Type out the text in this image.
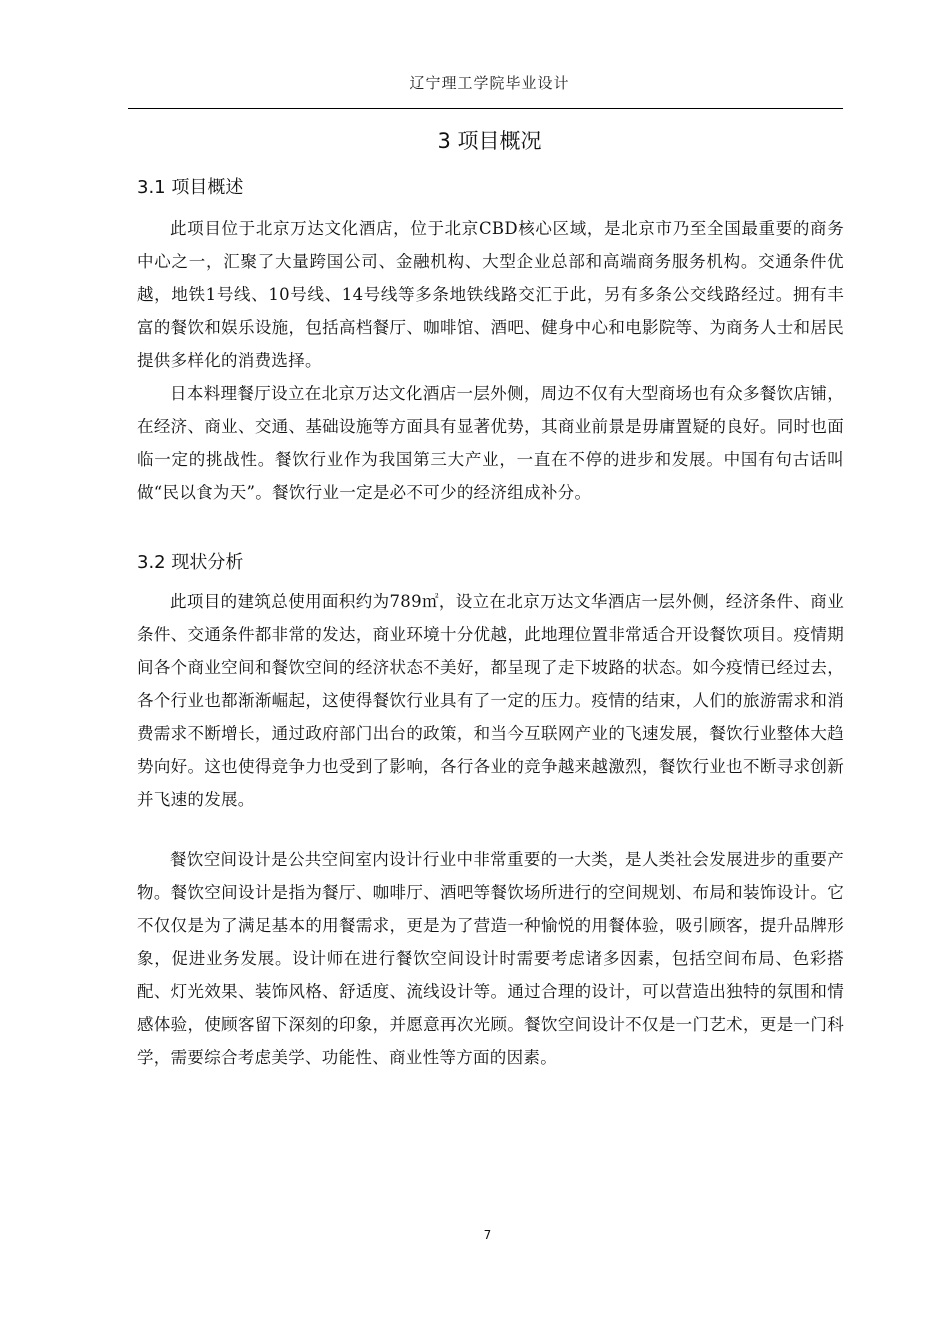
辽宁理工学院毕业设计
3 项目概况
3.1 项目概述

此项目位于北京万达文化酒店，位于北京CBD核心区域，是北京市乃至全国最重要的商务中心之一，汇聚了大量跨国公司、金融机构、大型企业总部和高端商务服务机构。交通条件优越，地铁1号线、10号线、14号线等多条地铁线路交汇于此，另有多条公交线路经过。拥有丰富的餐饮和娱乐设施，包括高档餐厅、咖啡馆、酒吧、健身中心和电影院等、为商务人士和居民提供多样化的消费选择。

日本料理餐厅设立在北京万达文化酒店一层外侧，周边不仅有大型商场也有众多餐饮店铺，在经济、商业、交通、基础设施等方面具有显著优势，其商业前景是毋庸置疑的良好。同时也面临一定的挑战性。餐饮行业作为我国第三大产业，一直在不停的进步和发展。中国有句古话叫做“民以食为天”。餐饮行业一定是必不可少的经济组成补分。

3.2 现状分析

此项目的建筑总使用面积约为789㎡，设立在北京万达文华酒店一层外侧，经济条件、商业条件、交通条件都非常的发达，商业环境十分优越，此地理位置非常适合开设餐饮项目。疫情期间各个商业空间和餐饮空间的经济状态不美好，都呈现了走下坡路的状态。如今疫情已经过去，各个行业也都渐渐崛起，这使得餐饮行业具有了一定的压力。疫情的结束，人们的旅游需求和消费需求不断增长，通过政府部门出台的政策，和当今互联网产业的飞速发展，餐饮行业整体大趋势向好。这也使得竞争力也受到了影响，各行各业的竞争越来越激烈，餐饮行业也不断寻求创新并飞速的发展。

餐饮空间设计是公共空间室内设计行业中非常重要的一大类，是人类社会发展进步的重要产物。餐饮空间设计是指为餐厅、咖啡厅、酒吧等餐饮场所进行的空间规划、布局和装饰设计。它不仅仅是为了满足基本的用餐需求，更是为了营造一种愉悦的用餐体验，吸引顾客，提升品牌形象，促进业务发展。设计师在进行餐饮空间设计时需要考虑诸多因素，包括空间布局、色彩搭配、灯光效果、装饰风格、舒适度、流线设计等。通过合理的设计，可以营造出独特的氛围和情感体验，使顾客留下深刻的印象，并愿意再次光顾。餐饮空间设计不仅是一门艺术，更是一门科学，需要综合考虑美学、功能性、商业性等方面的因素。

7
